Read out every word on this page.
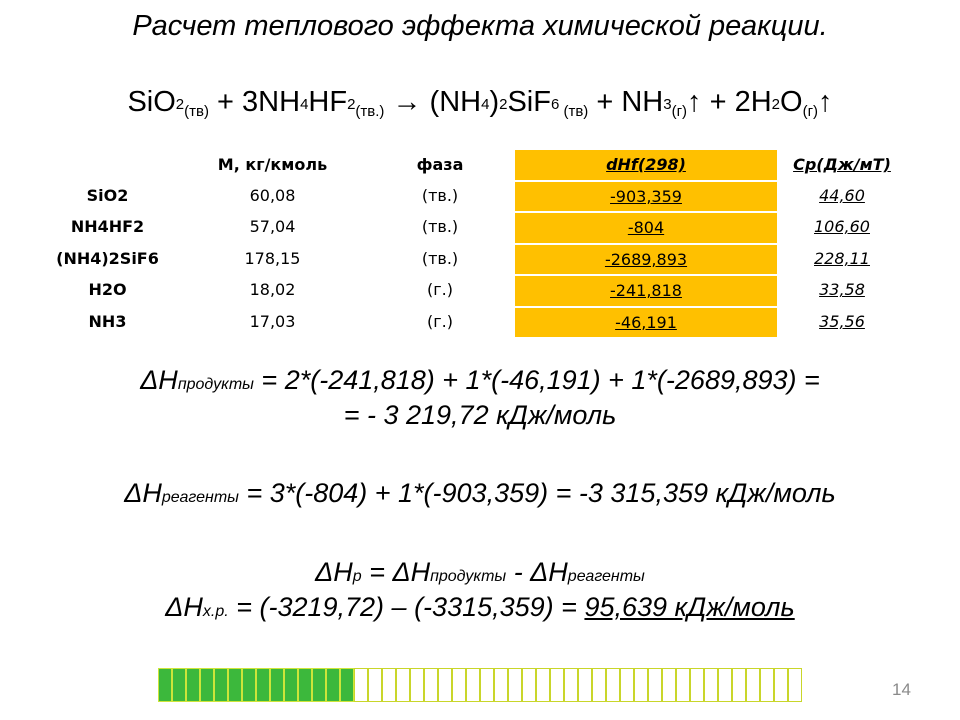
Расчет теплового эффекта химической реакции.
$SiO2_{(тв)} + 3NH4HF2_{(тв.)} \to (NH4)2SiF6$ $_{(тв)} + NH3_{(г)}↑$ + $2H2O_{(г)}↑$
	М, кг/кмоль	фаза		dHf(298)	Ср(Дж/мТ)
SiO2	60,08	(тв.)		-903,359	44,60
NH4HF2	57,04	(тв.)		-804	106,60
(NH4)2SiF6	178,15	(тв.)		-2689,893	228,11
H2O	18,02	(г.)		-241,818	33,58
NH3	17,03	(г.)		-46,191	35,56
ΔHпродукты = 2*(-241,818) + 1*(-46,191) + 1*(-2689,893) =
= - 3 219,72 кДж/моль
ΔHреагенты = 3*(-804) + 1*(-903,359) = -3 315,359 кДж/моль
ΔHр = ΔHпродукты - ΔHреагенты
ΔHх.р. = (-3219,72) – (-3315,359) = 95,639 кДж/моль
14
